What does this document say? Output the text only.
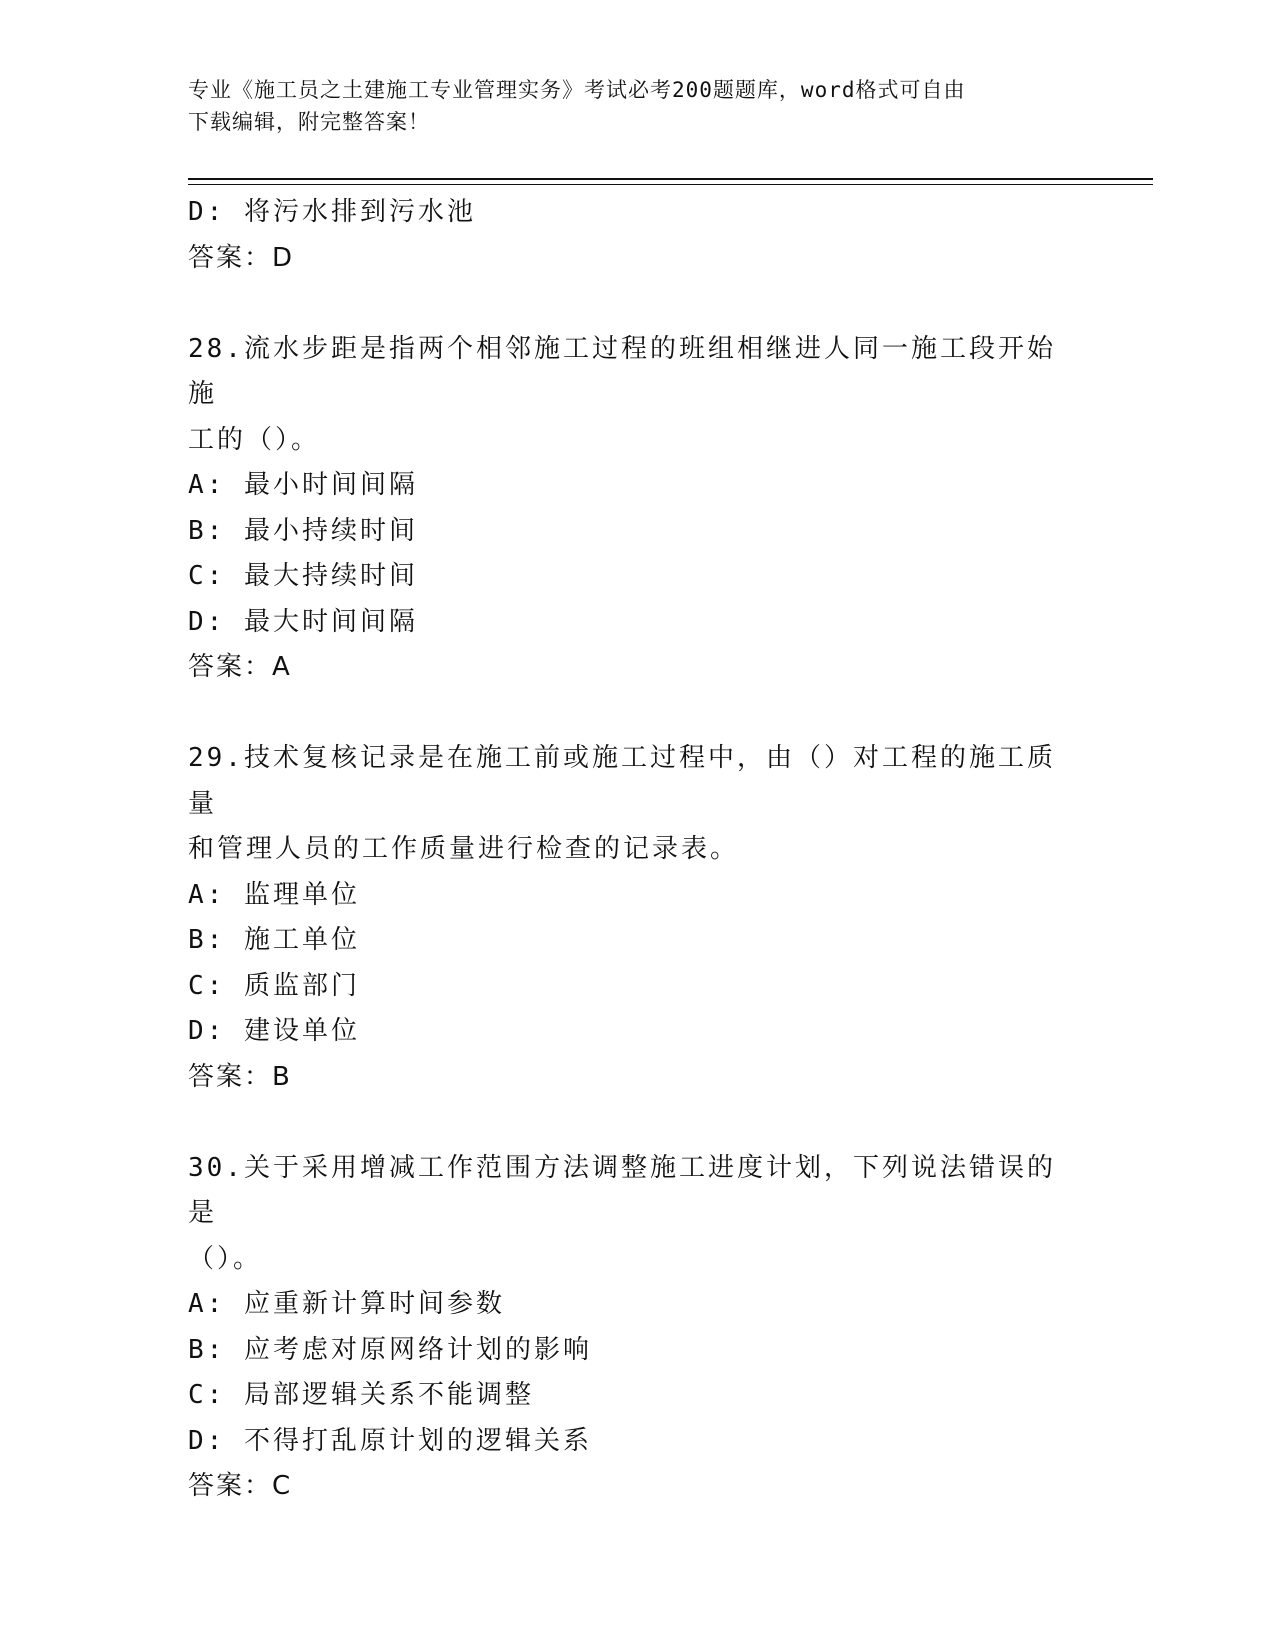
专业《施工员之土建施工专业管理实务》考试必考200题题库，word格式可自由
下载编辑，附完整答案！
D: 将污水排到污水池
答案：D
28.流水步距是指两个相邻施工过程的班组相继进人同一施工段开始施
工的（）。
A: 最小时间间隔
B: 最小持续时间
C: 最大持续时间
D: 最大时间间隔
答案：A
29.技术复核记录是在施工前或施工过程中，由（）对工程的施工质量
和管理人员的工作质量进行检查的记录表。
A: 监理单位
B: 施工单位
C: 质监部门
D: 建设单位
答案：B
30.关于采用增减工作范围方法调整施工进度计划，下列说法错误的是
（）。
A: 应重新计算时间参数
B: 应考虑对原网络计划的影响
C: 局部逻辑关系不能调整
D: 不得打乱原计划的逻辑关系
答案：C
